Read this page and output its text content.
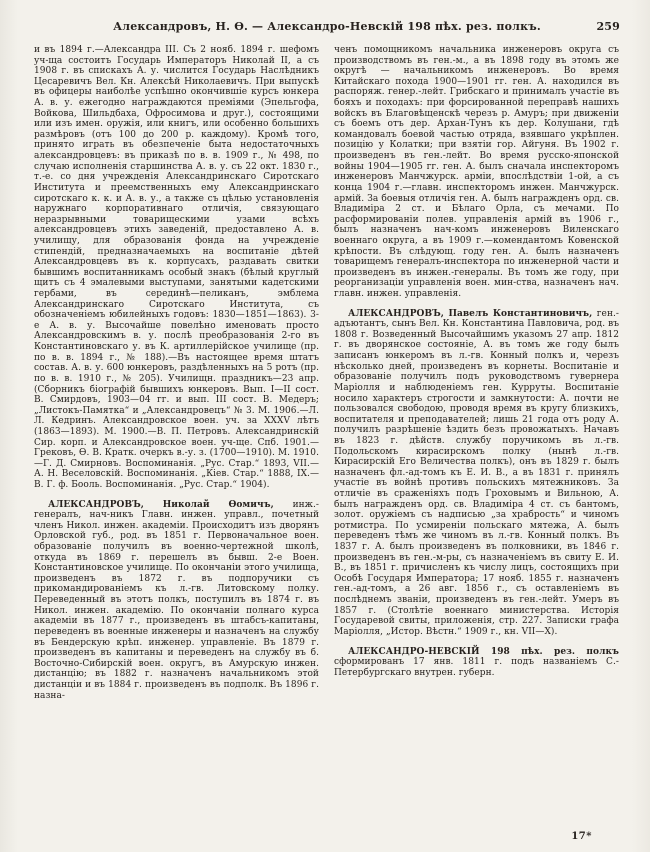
Александровъ, Н. Ѳ. — Александро-Невскій 198 пѣх. рез. полкъ.	259

и въ 1894 г.—Александра III. Съ 2 нояб. 1894 г. шефомъ уч-ща состоитъ Государь Императоръ Николай II, а съ 1908 г. въ спискахъ А. у. числится Государь Наслѣдникъ Цесаревичъ Вел. Кн. Алексѣй Николаевичъ. При выпускѣ въ офицеры наиболѣе успѣшно окончившіе курсъ юнкера А. в. у. ежегодно награждаются преміями (Эпельгофа, Войкова, Шильдбаха, Офросимова и друг.), состоящими или изъ имен. оружія, или книгъ, или особенно большихъ размѣровъ (отъ 100 до 200 р. каждому). Кромѣ того, принято играть въ обезпеченіе быта недостаточныхъ александровцевъ: въ приказѣ по в. в. 1909 г., № 498, по случаю исполненія старшинства А. в. у. съ 22 окт. 1830 г., т.-е. со дня учрежденія Александринскаго Сиротскаго Института и преемственныхъ ему Александринскаго сиротскаго к. к. и А. в. у., а также съ цѣлью установленія наружнаго корпоративнаго отличія, связующаго неразрывными товарищескими узами всѣхъ александровцевъ этихъ заведеній, предоставлено А. в. училищу, для образованія фонда на учрежденіе стипендій, предназначаемыхъ на воспитаніе дѣтей Александровцевъ въ к. корпусахъ, раздавать свитки бывшимъ воспитанникамъ особый знакъ (бѣлый круглый щитъ съ 4 эмалевыми выступами, занятыми кадетскими гербами, въ серединѣ—пеликанъ, эмблема Александринскаго Сиротскаго Института, съ обозначеніемъ юбилейныхъ годовъ: 1830—1851—1863). 3-е А. в. у. Высочайше повелѣно именовать просто Александровскимъ в. у. послѣ преобразованія 2-го въ Константиновскаго у. въ К. артиллерійское училище (пр. по в. в. 1894 г., № 188).—Въ настоящее время штатъ состав. А. в. у. 600 юнкеровъ, раздѣленныхъ на 5 ротъ (пр. по в. в. 1910 г., № 205). Училищн. праздникъ—23 апр. (Сборникъ біографій бывшихъ юнкеровъ. Вып. I—II сост. В. Смирдовъ, 1903—04 гг. и вып. III сост. В. Медеръ; „Листокъ-Памятка“ и „Александровецъ“ № 3. М. 1906.—Л. Л. Кедринъ. Александровское воен. уч. за XXXV лѣтъ (1863—1893). М. 1900.—В. П. Петровъ. Александринскій Сир. корп. и Александровское воен. уч-ще. Спб. 1901.—Грековъ, Ѳ. В. Кратк. очеркъ в.-у. з. (1700—1910). М. 1910.—Г. Д. Смирновъ. Воспоминанія. „Рус. Стар.“ 1893, VII.—А. Н. Веселовскій. Воспоминанія. „Кіев. Стар.“ 1888, IX.—В. Г. ф. Бооль. Воспоминанія. „Рус. Стар.“ 1904).

АЛЕКСАНДРОВЪ, Николай Ѳомичъ, инж.-генералъ, нач-никъ Главн. инжен. управл., почетный членъ Никол. инжен. академіи. Происходитъ изъ дворянъ Орловской губ., род. въ 1851 г. Первоначальное воен. образованіе получилъ въ военно-чертежной школѣ, откуда въ 1869 г. перешелъ въ бывш. 2-е Воен. Константиновское училище. По окончаніи этого училища, произведенъ въ 1872 г. въ подпоручики съ прикомандированіемъ къ л.-гв. Литовскому полку. Переведенный въ этотъ полкъ, поступилъ въ 1874 г. въ Никол. инжен. академію. По окончаніи полнаго курса академіи въ 1877 г., произведенъ въ штабсъ-капитаны, переведенъ въ военные инженеры и назначенъ на службу въ Бендерскую крѣп. инженер. управленіе. Въ 1879 г. произведенъ въ капитаны и переведенъ на службу въ б. Восточно-Сибирскій воен. округъ, въ Амурскую инжен. дистанцію; въ 1882 г. назначенъ начальникомъ этой дистанціи и въ 1884 г. произведенъ въ подполк. Въ 1896 г. назна-

ченъ помощникомъ начальника инженеровъ округа съ производствомъ въ ген.-м., а въ 1898 году въ этомъ же округѣ — начальникомъ инженеровъ. Во время Китайскаго похода 1900—1901 гг. ген. А. находился въ распоряж. генер.-лейт. Грибскаго и принималъ участіе въ бояхъ и походахъ: при форсированной переправѣ нашихъ войскъ въ Благовѣщенскѣ черезъ р. Амуръ; при движеніи съ боемъ отъ дер. Архан-Тунъ къ дер. Колушани, гдѣ командовалъ боевой частью отряда, взявшаго укрѣплен. позицію у Колатки; при взятіи гор. Айгуня. Въ 1902 г. произведенъ въ ген.-лейт. Во время русско-японской войны 1904—1905 гг. ген. А. былъ сначала инспекторомъ инженеровъ Манчжурск. арміи, впослѣдствіи 1-ой, а съ конца 1904 г.—главн. инспекторомъ инжен. Манчжурск. армій. За боевыя отличія ген. А. былъ награжденъ орд. св. Владиміра 2 ст. и Бѣлаго Орла, съ мечами. По расформированіи полев. управленія армій въ 1906 г., былъ назначенъ нач-комъ инженеровъ Виленскаго военнаго округа, а въ 1909 г.—комендантомъ Ковенской крѣпости. Въ слѣдующ. году ген. А. былъ назначенъ товарищемъ генералъ-инспектора по инженерной части и произведенъ въ инжен.-генералы. Въ томъ же году, при реорганизаціи управленія воен. мин-ства, назначенъ нач. главн. инжен. управленія.

АЛЕКСАНДРОВЪ, Павелъ Константиновичъ, ген.-адъютантъ, сынъ Вел. Кн. Константина Павловича, род. въ 1808 г. Возведенный Высочайшимъ указомъ 27 апр. 1812 г. въ дворянское состояніе, А. въ томъ же году былъ записанъ юнкеромъ въ л.-гв. Конный полкъ и, черезъ нѣсколько дней, произведенъ въ корнеты. Воспитаніе и образованіе получилъ подъ руководствомъ гувернера Маріолля и наблюденіемъ ген. Курруты. Воспитаніе носило характеръ строгости и замкнутости: А. почти не пользовался свободою, проводя время въ кругу близкихъ, воспитателя и преподавателей; лишь 21 года отъ роду А. получилъ разрѣшеніе ѣздить безъ провожатыхъ. Начавъ въ 1823 г. дѣйств. службу поручикомъ въ л.-гв. Подольскомъ кирасирскомъ полку (нынѣ л.-гв. Кирасирскій Его Величества полкъ), онъ въ 1829 г. былъ назначенъ фл.-ад-томъ къ Е. И. В., а въ 1831 г. принялъ участіе въ войнѣ противъ польскихъ мятежниковъ. За отличіе въ сраженіяхъ подъ Гроховымъ и Вильною, А. былъ награжденъ орд. св. Владиміра 4 ст. съ бантомъ, золот. оружіемъ съ надписью „за храбрость“ и чиномъ ротмистра. По усмиреніи польскаго мятежа, А. былъ переведенъ тѣмъ же чиномъ въ л.-гв. Конный полкъ. Въ 1837 г. А. былъ произведенъ въ полковники, въ 1846 г. произведенъ въ ген.-м-ры, съ назначеніемъ въ свиту Е. И. В., въ 1851 г. причисленъ къ числу лицъ, состоящихъ при Особѣ Государя Императора; 17 нояб. 1855 г. назначенъ ген.-ад-томъ, а 26 авг. 1856 г., съ оставленіемъ въ послѣднемъ званіи, произведенъ въ ген.-лейт. Умеръ въ 1857 г. (Столѣтіе военнаго министерства. Исторія Государевой свиты, приложенія, стр. 227. Записки графа Маріолля, „Истор. Вѣстн.“ 1909 г., кн. VII—X).

АЛЕКСАНДРО-НЕВСКІЙ 198 пѣх. рез. полкъ сформированъ 17 янв. 1811 г. подъ названіемъ С.-Петербургскаго внутрен. губерн.

17*
